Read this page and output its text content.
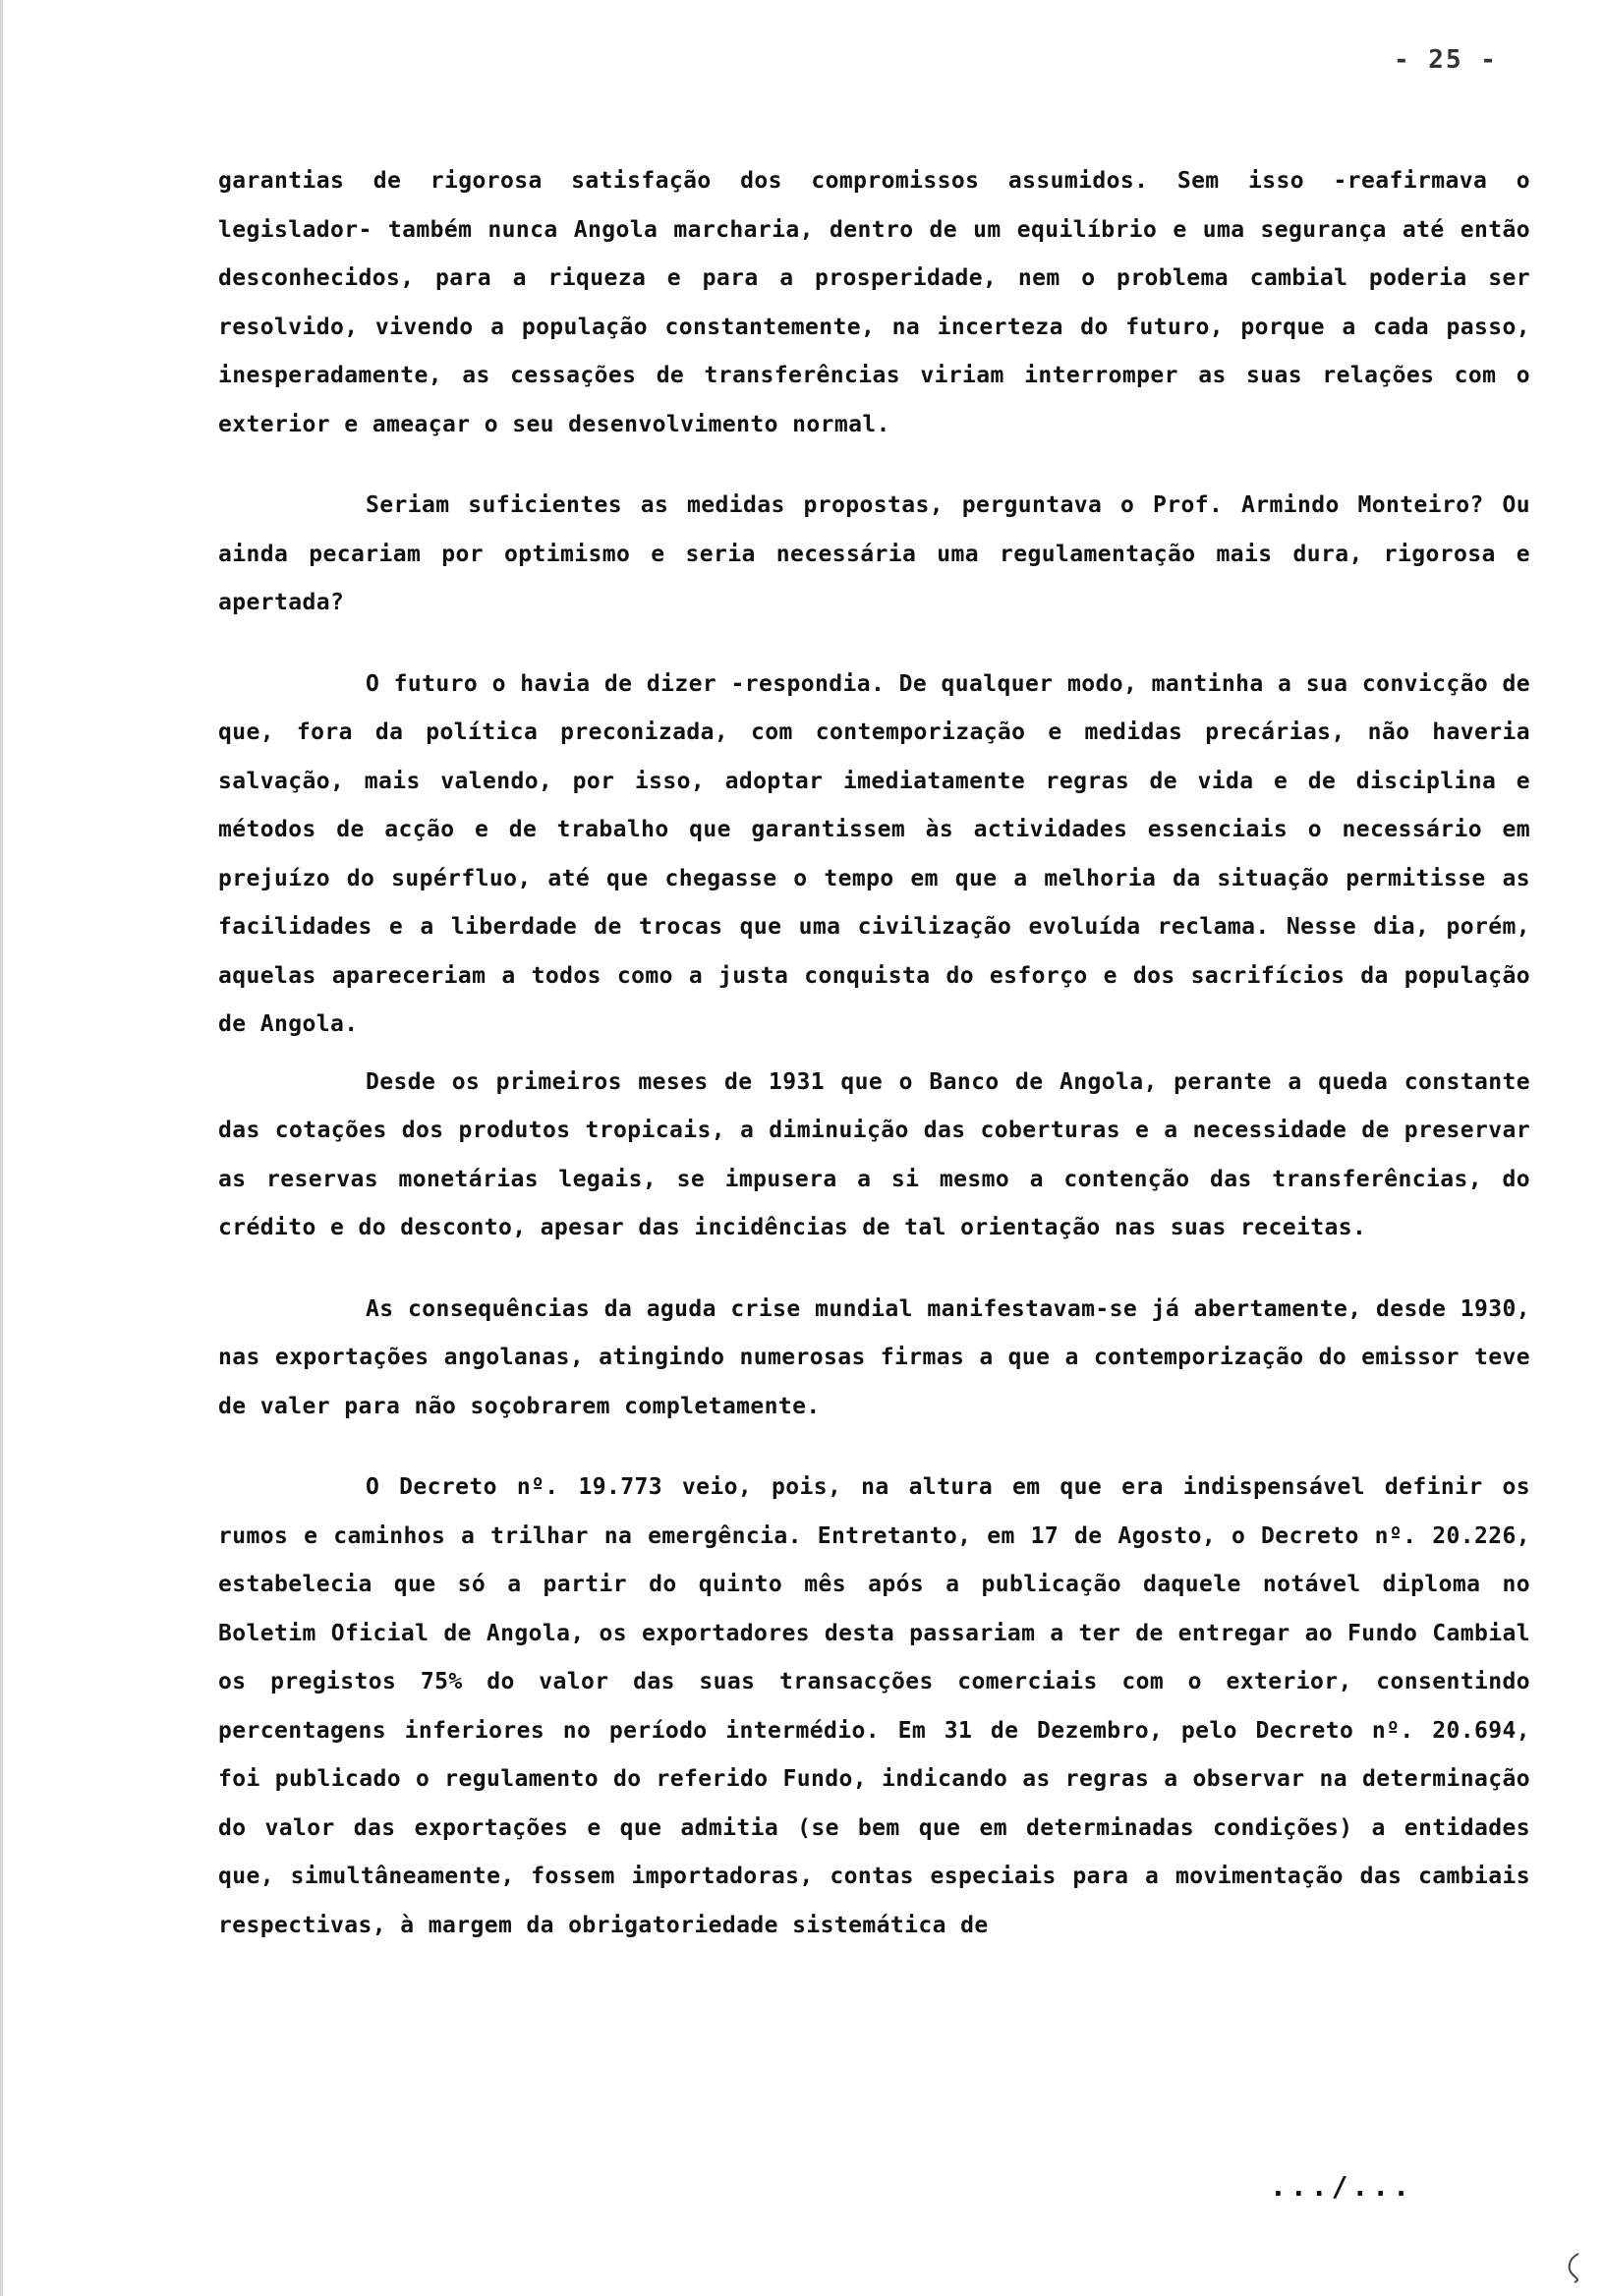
- 25 -

garantias de rigorosa satisfação dos compromissos assumidos. Sem isso -reafirmava o legislador- também nunca Angola marcharia, dentro de um equilíbrio e uma segurança até então desconhecidos, para a riqueza e para a prosperidade, nem o problema cambial poderia ser resolvido, vivendo a população constantemente, na incerteza do futuro, porque a cada passo, inesperadamente, as cessações de transferências viriam interromper as suas relações com o exterior e ameaçar o seu desenvolvimento normal.

Seriam suficientes as medidas propostas, perguntava o Prof. Armindo Monteiro? Ou ainda pecariam por optimismo e seria necessária uma regulamentação mais dura, rigorosa e apertada?

O futuro o havia de dizer -respondia. De qualquer modo, mantinha a sua convicção de que, fora da política preconizada, com contemporização e medidas precárias, não haveria salvação, mais valendo, por isso, adoptar imediatamente regras de vida e de disciplina e métodos de acção e de trabalho que garantissem às actividades essenciais o necessário em prejuízo do supérfluo, até que chegasse o tempo em que a melhoria da situação permitisse as facilidades e a liberdade de trocas que uma civilização evoluída reclama. Nesse dia, porém, aquelas apareceriam a todos como a justa conquista do esforço e dos sacrifícios da população de Angola.

Desde os primeiros meses de 1931 que o Banco de Angola, perante a queda constante das cotações dos produtos tropicais, a diminuição das coberturas e a necessidade de preservar as reservas monetárias legais, se impusera a si mesmo a contenção das transferências, do crédito e do desconto, apesar das incidências de tal orientação nas suas receitas.

As consequências da aguda crise mundial manifestavam-se já abertamente, desde 1930, nas exportações angolanas, atingindo numerosas firmas a que a contemporização do emissor teve de valer para não soçobrarem completamente.

O Decreto nº. 19.773 veio, pois, na altura em que era indispensável definir os rumos e caminhos a trilhar na emergência. Entretanto, em 17 de Agosto, o Decreto nº. 20.226, estabelecia que só a partir do quinto mês após a publicação daquele notável diploma no Boletim Oficial de Angola, os exportadores desta passariam a ter de entregar ao Fundo Cambial os pregistos 75% do valor das suas transacções comerciais com o exterior, consentindo percentagens inferiores no período intermédio. Em 31 de Dezembro, pelo Decreto nº. 20.694, foi publicado o regulamento do referido Fundo, indicando as regras a observar na determinação do valor das exportações e que admitia (se bem que em determinadas condições) a entidades que, simultâneamente, fossem importadoras, contas especiais para a movimentação das cambiais respectivas, à margem da obrigatoriedade sistemática de

.../...
